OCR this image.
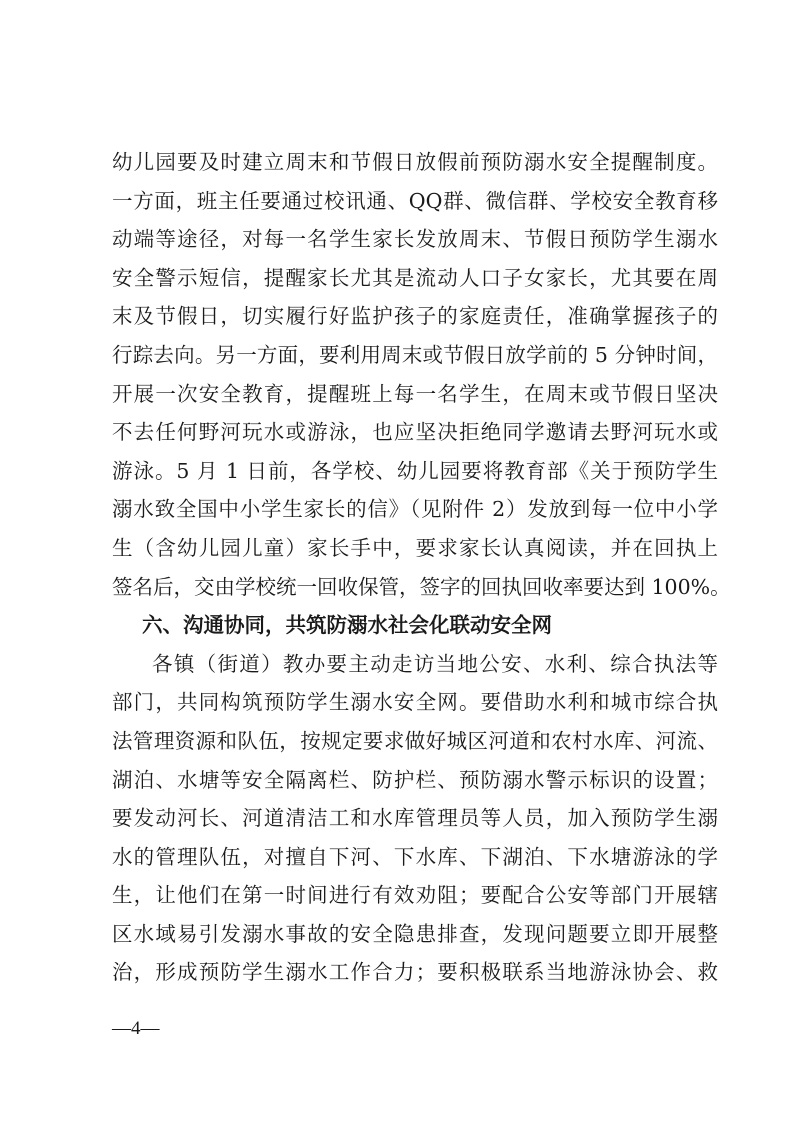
幼儿园要及时建立周末和节假日放假前预防溺水安全提醒制度。
一方面，班主任要通过校讯通、QQ群、微信群、学校安全教育移
动端等途径，对每一名学生家长发放周末、节假日预防学生溺水
安全警示短信，提醒家长尤其是流动人口子女家长，尤其要在周
末及节假日，切实履行好监护孩子的家庭责任，准确掌握孩子的
行踪去向。另一方面，要利用周末或节假日放学前的 5 分钟时间，
开展一次安全教育，提醒班上每一名学生，在周末或节假日坚决
不去任何野河玩水或游泳，也应坚决拒绝同学邀请去野河玩水或
游泳。5 月 1 日前，各学校、幼儿园要将教育部《关于预防学生
溺水致全国中小学生家长的信》（见附件 2）发放到每一位中小学
生（含幼儿园儿童）家长手中，要求家长认真阅读，并在回执上
签名后，交由学校统一回收保管，签字的回执回收率要达到 100%。
六、沟通协同，共筑防溺水社会化联动安全网
各镇（街道）教办要主动走访当地公安、水利、综合执法等
部门，共同构筑预防学生溺水安全网。要借助水利和城市综合执
法管理资源和队伍，按规定要求做好城区河道和农村水库、河流、
湖泊、水塘等安全隔离栏、防护栏、预防溺水警示标识的设置；
要发动河长、河道清洁工和水库管理员等人员，加入预防学生溺
水的管理队伍，对擅自下河、下水库、下湖泊、下水塘游泳的学
生，让他们在第一时间进行有效劝阻；要配合公安等部门开展辖
区水域易引发溺水事故的安全隐患排查，发现问题要立即开展整
治，形成预防学生溺水工作合力；要积极联系当地游泳协会、救
—4—
